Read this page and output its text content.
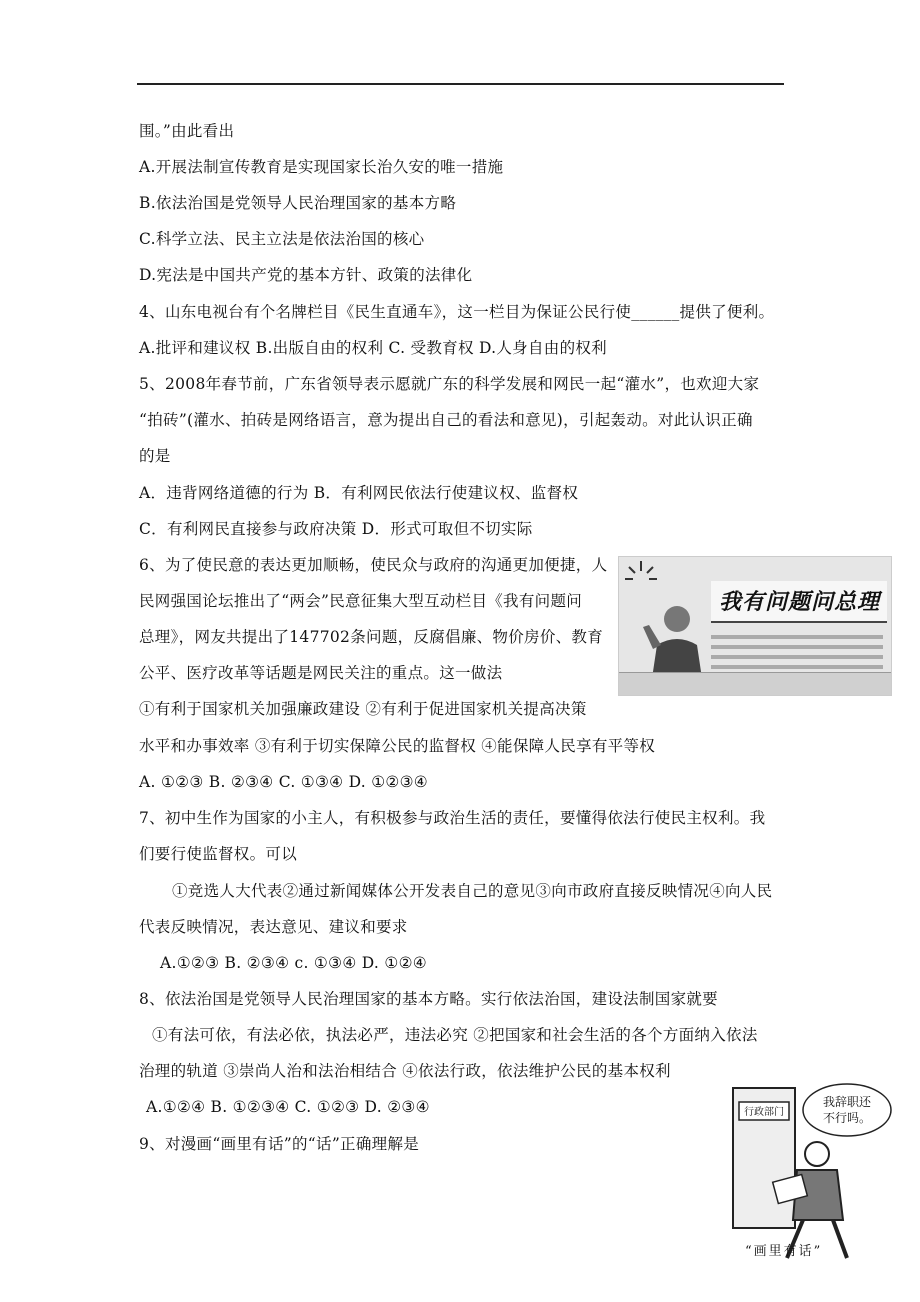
围。”由此看出
A.开展法制宣传教育是实现国家长治久安的唯一措施
B.依法治国是党领导人民治理国家的基本方略
C.科学立法、民主立法是依法治国的核心
D.宪法是中国共产党的基本方针、政策的法律化
4、山东电视台有个名牌栏目《民生直通车》，这一栏目为保证公民行使______提供了便利。
A.批评和建议权 B.出版自由的权利 C. 受教育权 D.人身自由的权利
5、2008年春节前，广东省领导表示愿就广东的科学发展和网民一起“灌水”，也欢迎大家
“拍砖”(灌水、拍砖是网络语言，意为提出自己的看法和意见)，引起轰动。对此认识正确
的是
A．违背网络道德的行为 B．有利网民依法行使建议权、监督权
C．有利网民直接参与政府决策 D．形式可取但不切实际
6、为了使民意的表达更加顺畅，使民众与政府的沟通更加便捷，人
民网强国论坛推出了“两会”民意征集大型互动栏目《我有问题问
总理》，网友共提出了147702条问题，反腐倡廉、物价房价、教育
公平、医疗改革等话题是网民关注的重点。这一做法
①有利于国家机关加强廉政建设 ②有利于促进国家机关提高决策
水平和办事效率 ③有利于切实保障公民的监督权 ④能保障人民享有平等权
A. ①②③ B. ②③④ C. ①③④ D. ①②③④
7、初中生作为国家的小主人，有积极参与政治生活的责任，要懂得依法行使民主权利。我
们要行使监督权。可以
①竞选人大代表②通过新闻媒体公开发表自己的意见③向市政府直接反映情况④向人民
代表反映情况，表达意见、建议和要求
A.①②③ B. ②③④ c. ①③④ D. ①②④
8、依法治国是党领导人民治理国家的基本方略。实行依法治国，建设法制国家就要
①有法可依，有法必依，执法必严，违法必究 ②把国家和社会生活的各个方面纳入依法
治理的轨道 ③崇尚人治和法治相结合 ④依法行政，依法维护公民的基本权利
A.①②④ B. ①②③④ C. ①②③ D. ②③④
9、对漫画“画里有话”的“话”正确理解是
我有问题问总理
行政部门
我辞职还
不行吗。
“画里有话”
